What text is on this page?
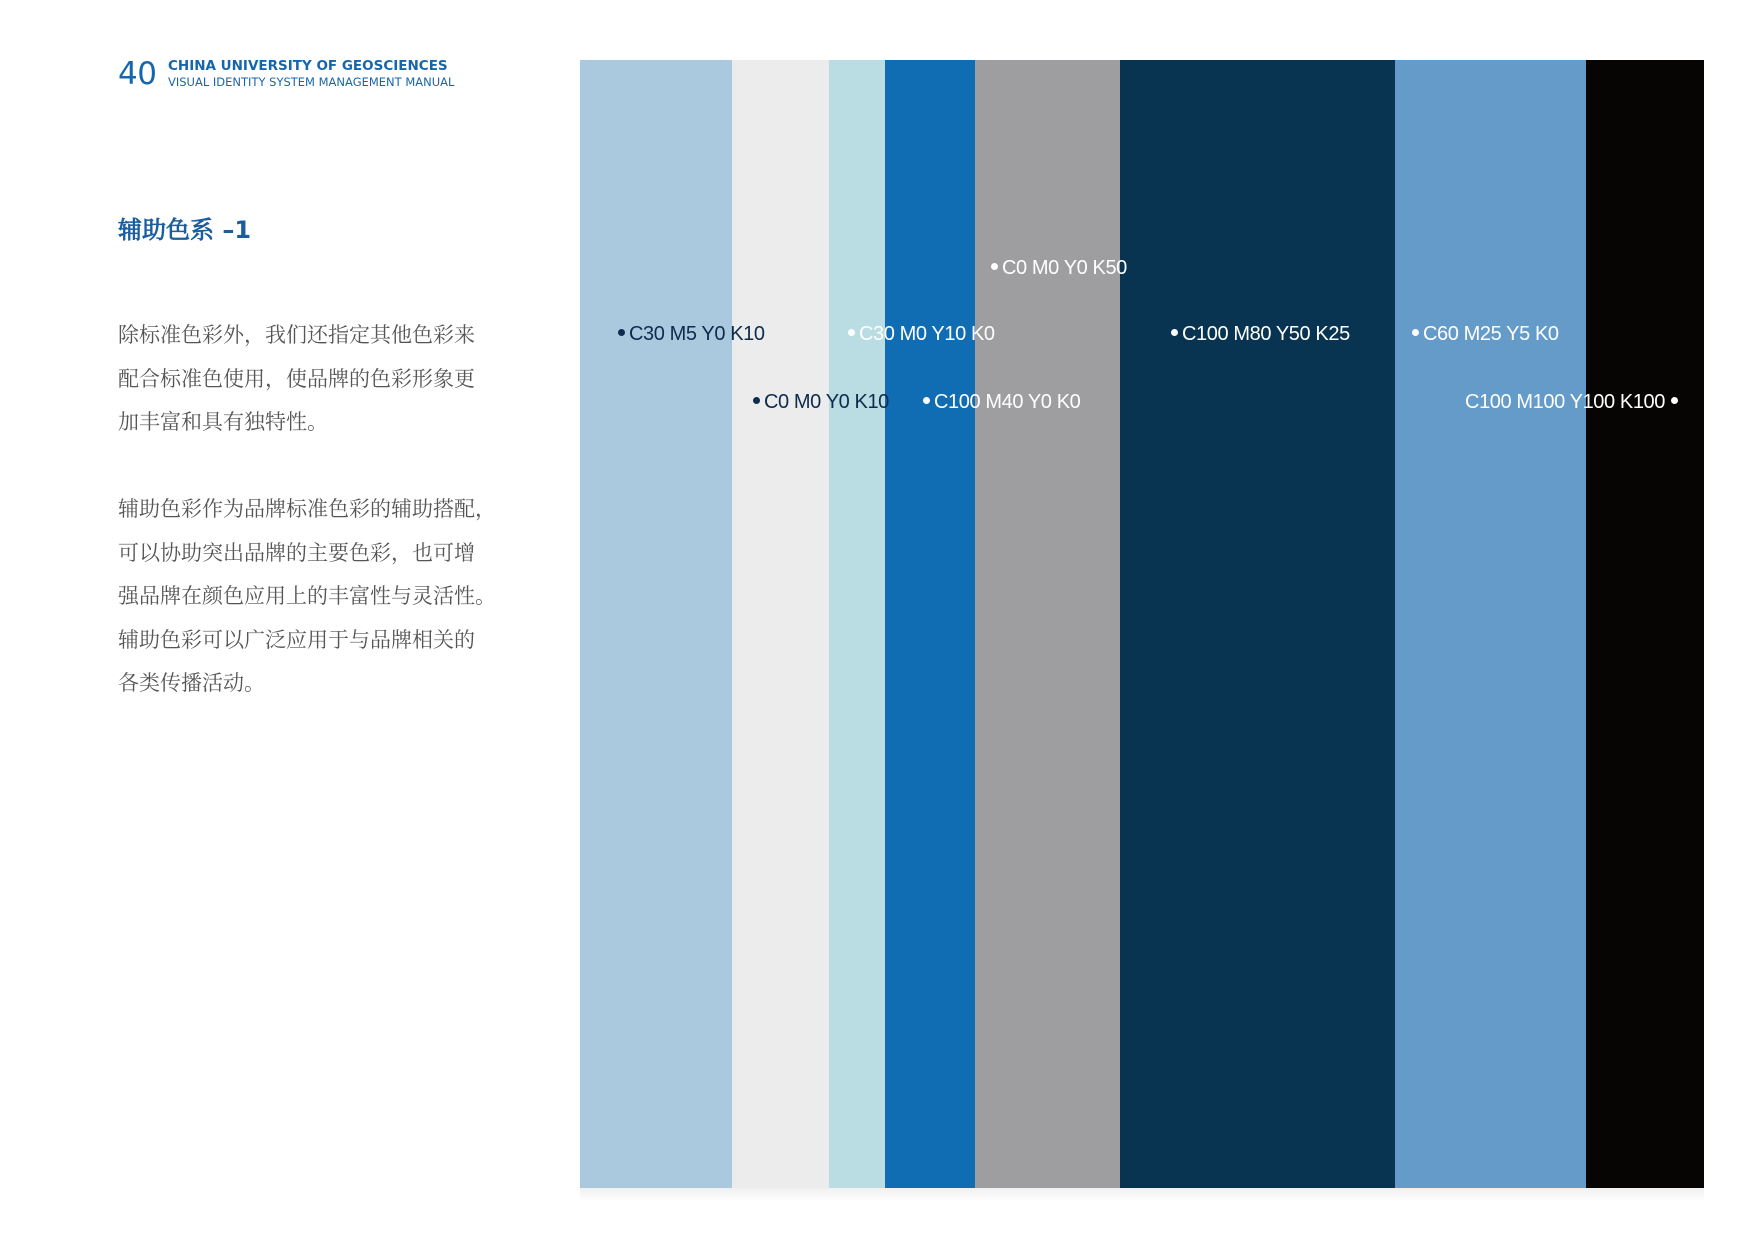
40 CHINA UNIVERSITY OF GEOSCIENCES
VISUAL IDENTITY SYSTEM MANAGEMENT MANUAL
辅助色系 –1
除标准色彩外，我们还指定其他色彩来
配合标准色使用，使品牌的色彩形象更
加丰富和具有独特性。
辅助色彩作为品牌标准色彩的辅助搭配，
可以协助突出品牌的主要色彩，也可增
强品牌在颜色应用上的丰富性与灵活性。
辅助色彩可以广泛应用于与品牌相关的
各类传播活动。
C30 M5 Y0 K10
C0 M0 Y0 K10
C30 M0 Y10 K0
C100 M40 Y0 K0
C0 M0 Y0 K50
C100 M80 Y50 K25	C60 M25 Y5 K0
C100 M100 Y100 K100
